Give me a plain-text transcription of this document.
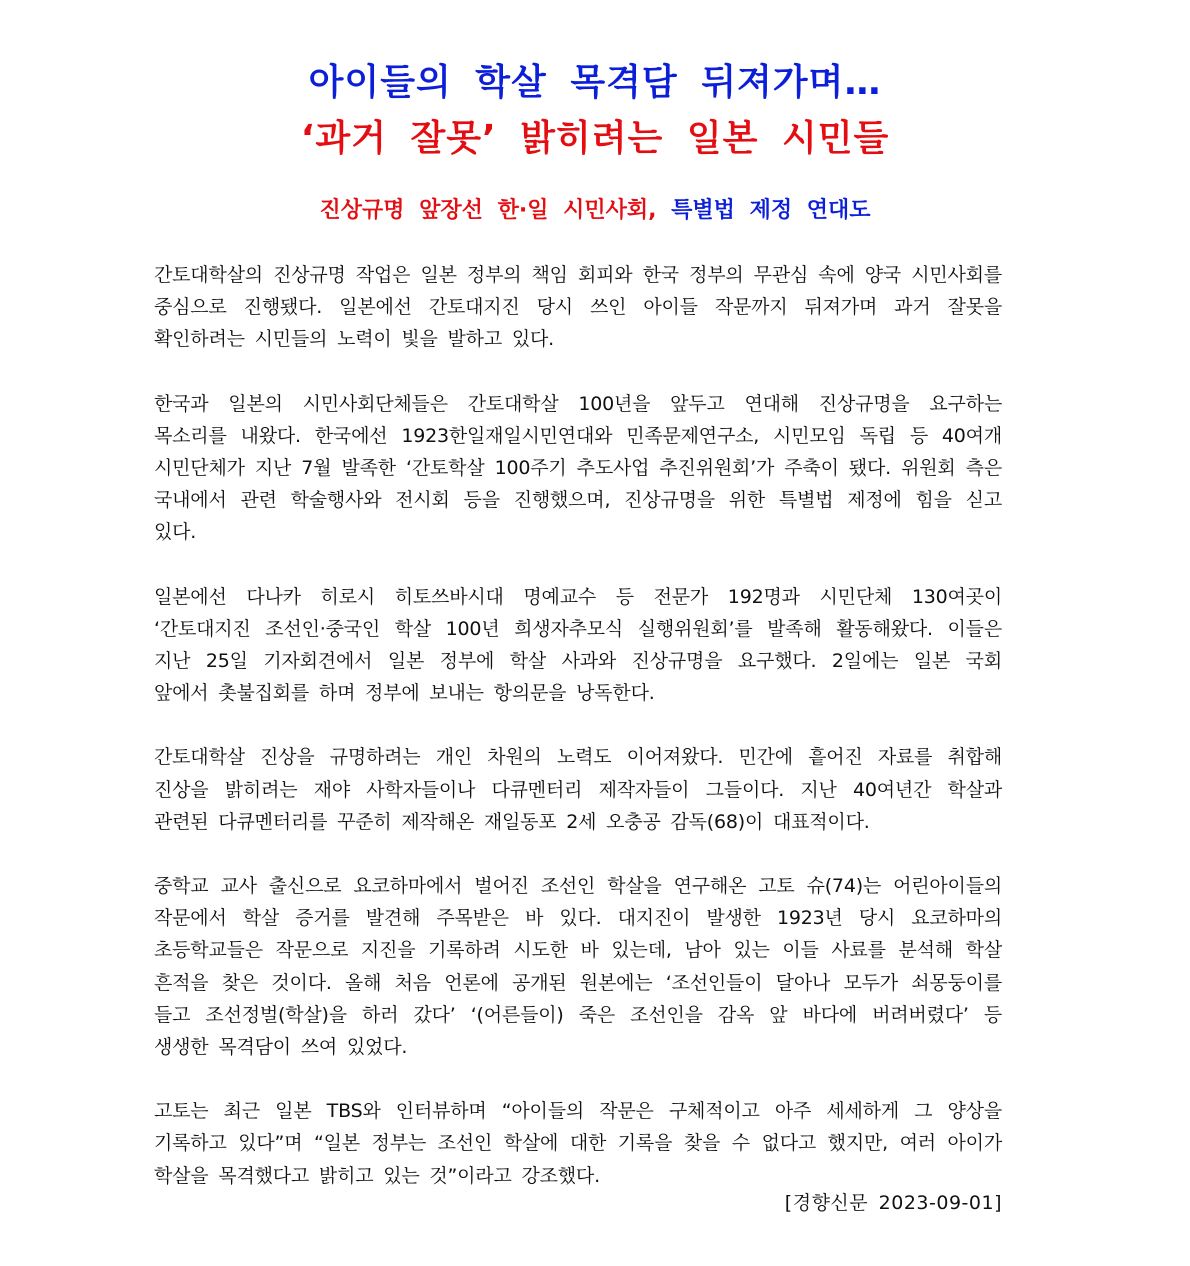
아이들의 학살 목격담 뒤져가며…
‘과거 잘못’ 밝히려는 일본 시민들
진상규명 앞장선 한·일 시민사회, 특별법 제정 연대도

간토대학살의 진상규명 작업은 일본 정부의 책임 회피와 한국 정부의 무관심 속에 양국 시민사회를 중심으로 진행됐다. 일본에선 간토대지진 당시 쓰인 아이들 작문까지 뒤져가며 과거 잘못을 확인하려는 시민들의 노력이 빛을 발하고 있다.

한국과 일본의 시민사회단체들은 간토대학살 100년을 앞두고 연대해 진상규명을 요구하는 목소리를 내왔다. 한국에선 1923한일재일시민연대와 민족문제연구소, 시민모임 독립 등 40여개 시민단체가 지난 7월 발족한 ‘간토학살 100주기 추도사업 추진위원회’가 주축이 됐다. 위원회 측은 국내에서 관련 학술행사와 전시회 등을 진행했으며, 진상규명을 위한 특별법 제정에 힘을 싣고 있다.

일본에선 다나카 히로시 히토쓰바시대 명예교수 등 전문가 192명과 시민단체 130여곳이 ‘간토대지진 조선인·중국인 학살 100년 희생자추모식 실행위원회’를 발족해 활동해왔다. 이들은 지난 25일 기자회견에서 일본 정부에 학살 사과와 진상규명을 요구했다. 2일에는 일본 국회 앞에서 촛불집회를 하며 정부에 보내는 항의문을 낭독한다.

간토대학살 진상을 규명하려는 개인 차원의 노력도 이어져왔다. 민간에 흩어진 자료를 취합해 진상을 밝히려는 재야 사학자들이나 다큐멘터리 제작자들이 그들이다. 지난 40여년간 학살과 관련된 다큐멘터리를 꾸준히 제작해온 재일동포 2세 오충공 감독(68)이 대표적이다.

중학교 교사 출신으로 요코하마에서 벌어진 조선인 학살을 연구해온 고토 슈(74)는 어린아이들의 작문에서 학살 증거를 발견해 주목받은 바 있다. 대지진이 발생한 1923년 당시 요코하마의 초등학교들은 작문으로 지진을 기록하려 시도한 바 있는데, 남아 있는 이들 사료를 분석해 학살 흔적을 찾은 것이다. 올해 처음 언론에 공개된 원본에는 ‘조선인들이 달아나 모두가 쇠몽둥이를 들고 조선정벌(학살)을 하러 갔다’ ‘(어른들이) 죽은 조선인을 감옥 앞 바다에 버려버렸다’ 등 생생한 목격담이 쓰여 있었다.

고토는 최근 일본 TBS와 인터뷰하며 “아이들의 작문은 구체적이고 아주 세세하게 그 양상을 기록하고 있다”며 “일본 정부는 조선인 학살에 대한 기록을 찾을 수 없다고 했지만, 여러 아이가 학살을 목격했다고 밝히고 있는 것”이라고 강조했다.

[경향신문 2023-09-01]
